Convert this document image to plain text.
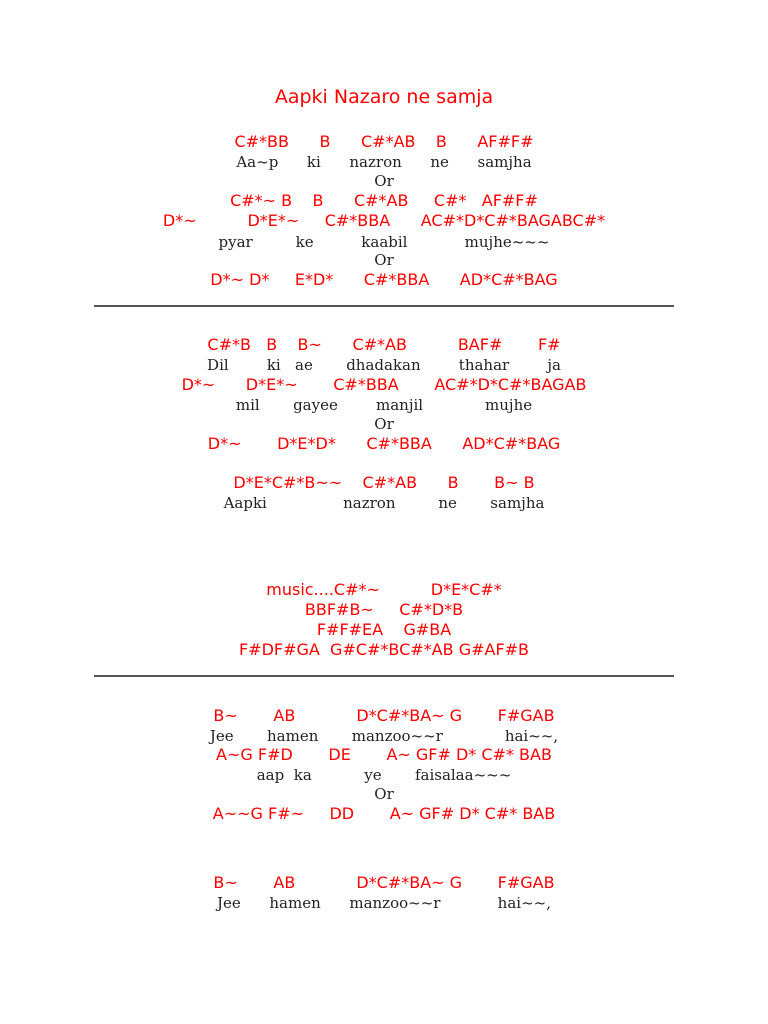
Aapki Nazaro ne samja
C#*BB      B      C#*AB    B      AF#F#
Aa~p      ki      nazron      ne      samjha
Or
C#*~ B    B      C#*AB     C#*   AF#F#
D*~          D*E*~     C#*BBA      AC#*D*C#*BAGABC#*
pyar         ke          kaabil            mujhe~~~
Or
D*~ D*     E*D*      C#*BBA      AD*C#*BAG
C#*B   B    B~      C#*AB          BAF#       F#
Dil        ki   ae       dhadakan        thahar        ja
D*~      D*E*~       C#*BBA       AC#*D*C#*BAGAB
mil       gayee        manjil             mujhe
Or
D*~       D*E*D*      C#*BBA      AD*C#*BAG
D*E*C#*B~~    C#*AB      B       B~ B
Aapki                nazron         ne       samjha
music....C#*~          D*E*C#*
BBF#B~     C#*D*B
F#F#EA    G#BA
F#DF#GA  G#C#*BC#*AB G#AF#B
B~       AB            D*C#*BA~ G       F#GAB
Jee       hamen       manzoo~~r             hai~~,
A~G F#D       DE       A~ GF# D* C#* BAB
aap  ka           ye       faisalaa~~~
Or
A~~G F#~     DD       A~ GF# D* C#* BAB
B~       AB            D*C#*BA~ G       F#GAB
Jee      hamen      manzoo~~r            hai~~,
